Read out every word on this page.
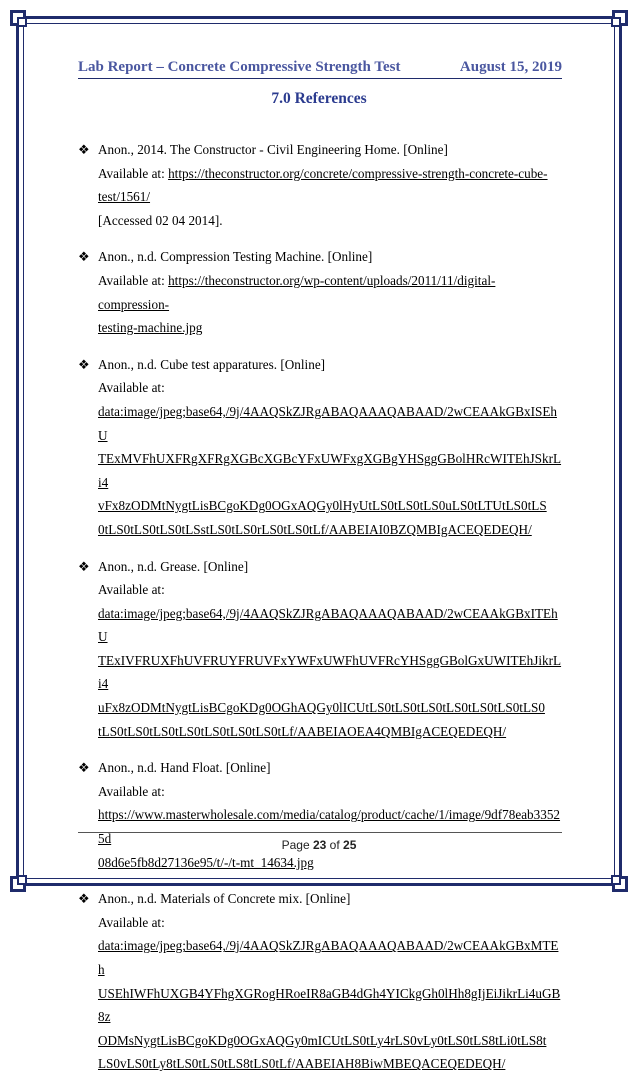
Lab Report – Concrete Compressive Strength Test	August 15, 2019
7.0 References
❖ Anon., 2014. The Constructor - Civil Engineering Home. [Online]
Available at: https://theconstructor.org/concrete/compressive-strength-concrete-cube-
test/1561/
[Accessed 02 04 2014].
❖ Anon., n.d. Compression Testing Machine. [Online]
Available at: https://theconstructor.org/wp-content/uploads/2011/11/digital-compression-
testing-machine.jpg
❖ Anon., n.d. Cube test apparatures. [Online]
Available at:
data:image/jpeg;base64,/9j/4AAQSkZJRgABAQAAAQABAAD/2wCEAAkGBxISEhU
TExMVFhUXFRgXFRgXGBcXGBcYFxUWFxgXGBgYHSggGBolHRcWITEhJSkrLi4
vFx8zODMtNygtLisBCgoKDg0OGxAQGy0lHyUtLS0tLS0tLS0uLS0tLTUtLS0tLS
0tLS0tLS0tLS0tLSstLS0tLS0rLS0tLS0tLf/AABEIAI0BZQMBIgACEQEDEQH/
❖ Anon., n.d. Grease. [Online]
Available at:
data:image/jpeg;base64,/9j/4AAQSkZJRgABAQAAAQABAAD/2wCEAAkGBxITEhU
TExIVFRUXFhUVFRUYFRUVFxYWFxUWFhUVFRcYHSggGBolGxUWITEhJikrLi4
uFx8zODMtNygtLisBCgoKDg0OGhAQGy0lICUtLS0tLS0tLS0tLS0tLS0tLS0tLS0
tLS0tLS0tLS0tLS0tLS0tLS0tLS0tLf/AABEIAOEA4QMBIgACEQEDEQH/
❖ Anon., n.d. Hand Float. [Online]
Available at:
https://www.masterwholesale.com/media/catalog/product/cache/1/image/9df78eab33525d
08d6e5fb8d27136e95/t/-/t-mt_14634.jpg
❖ Anon., n.d. Materials of Concrete mix. [Online]
Available at:
data:image/jpeg;base64,/9j/4AAQSkZJRgABAQAAAQABAAD/2wCEAAkGBxMTEh
USEhIWFhUXGB4YFhgXGRogHRoeIR8aGB4dGh4YICkgGh0lHh8gIjEiJikrLi4uGB8z
ODMsNygtLisBCgoKDg0OGxAQGy0mICUtLS0tLy4rLS0vLy0tLS0tLS8tLi0tLS8t
LS0vLS0tLy8tLS0tLS0tLS8tLS0tLf/AABEIAH8BiwMBEQACEQEDEQH/
Page 23 of 25
